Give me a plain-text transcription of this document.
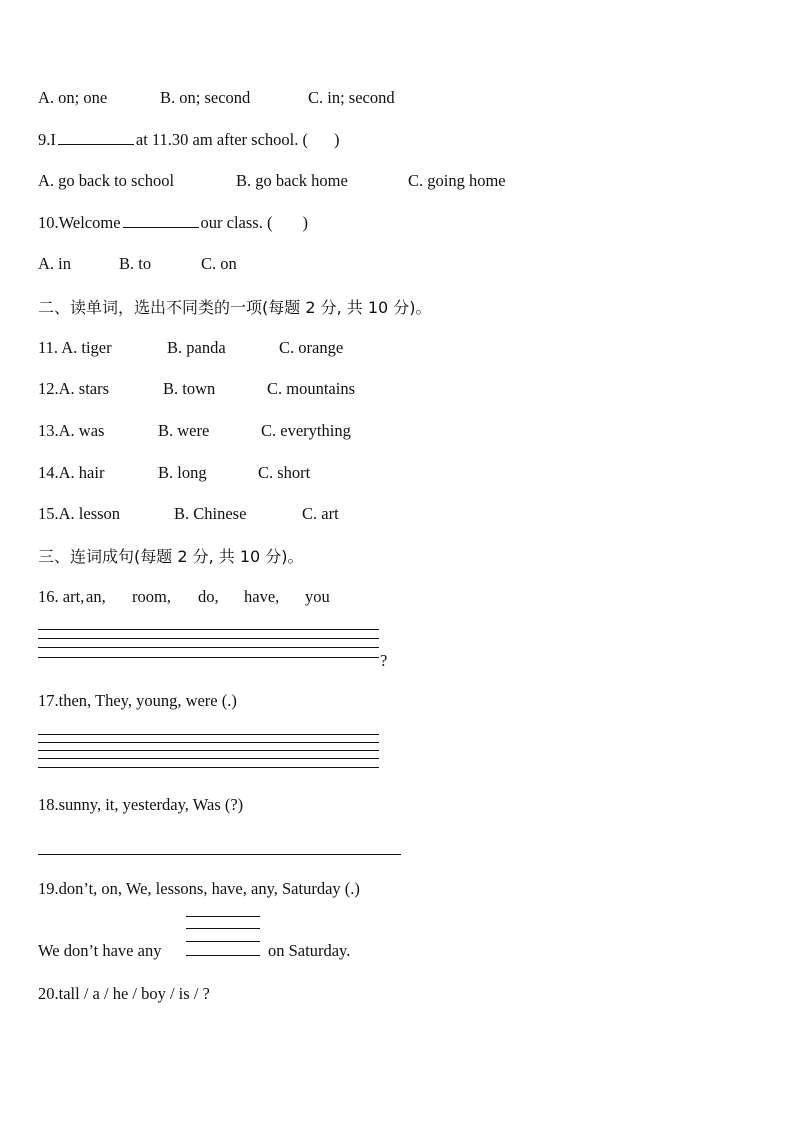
A. on; one	B. on; second	C. in; second
9.I	at 11.30 am after school. ( )
A. go back to school	B. go back home	C. going home
10.Welcome	our class. ( )
A. in	B. to	C. on
二、读单词，选出不同类的一项(每题 2 分, 共 10 分)。
11. A. tiger	B. panda	C. orange
12.A. stars	B. town	C. mountains
13.A. was	B. were	C. everything
14.A. hair	B. long	C. short
15.A. lesson	B. Chinese	C. art
三、连词成句(每题 2 分, 共 10 分)。
16. art, an, room, do, have, you
?
17.then, They, young, were (.)
18.sunny, it, yesterday, Was (?)
19.don’t, on, We, lessons, have, any, Saturday (.)
We don’t have any	on Saturday.
20.tall / a / he / boy / is / ?
